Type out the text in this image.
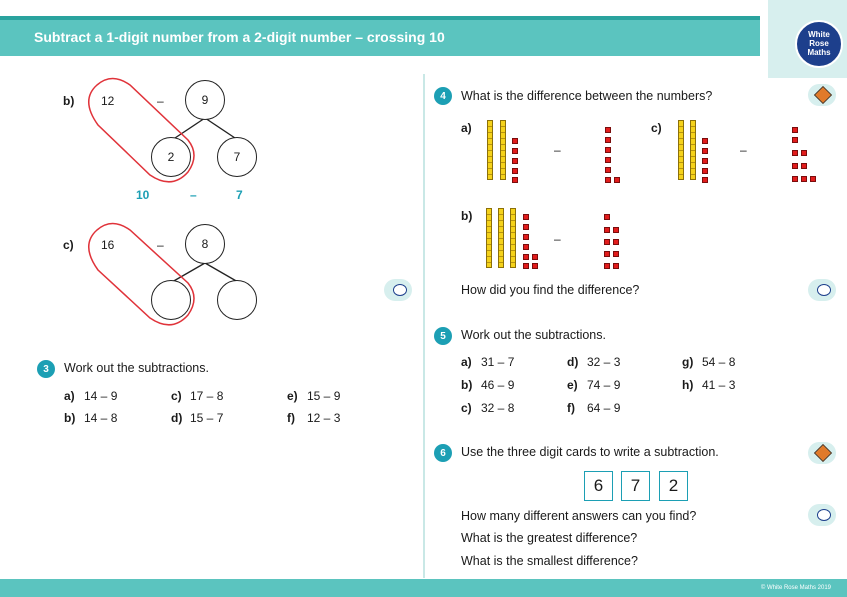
Subtract a 1-digit number from a 2-digit number – crossing 10	White
Rose
Maths
b) 12	–	9
2	7
10	–	7
c) 16	–	8
3	Work out the subtractions.
a) 14 – 9
b) 14 – 8
c) 17 – 8
d) 15 – 7
e) 15 – 9
f) 12 – 3
4	What is the difference between the numbers?
a)
–
c)
–
b)
–
How did you find the difference?
5	Work out the subtractions.
a) 31 – 7
b) 46 – 9
c) 32 – 8
d) 32 – 3
e) 74 – 9
f) 64 – 9
g) 54 – 8
h) 41 – 3
6	Use the three digit cards to write a subtraction.
6	7	2
How many different answers can you find?
What is the greatest difference?
What is the smallest difference?
© White Rose Maths 2019
